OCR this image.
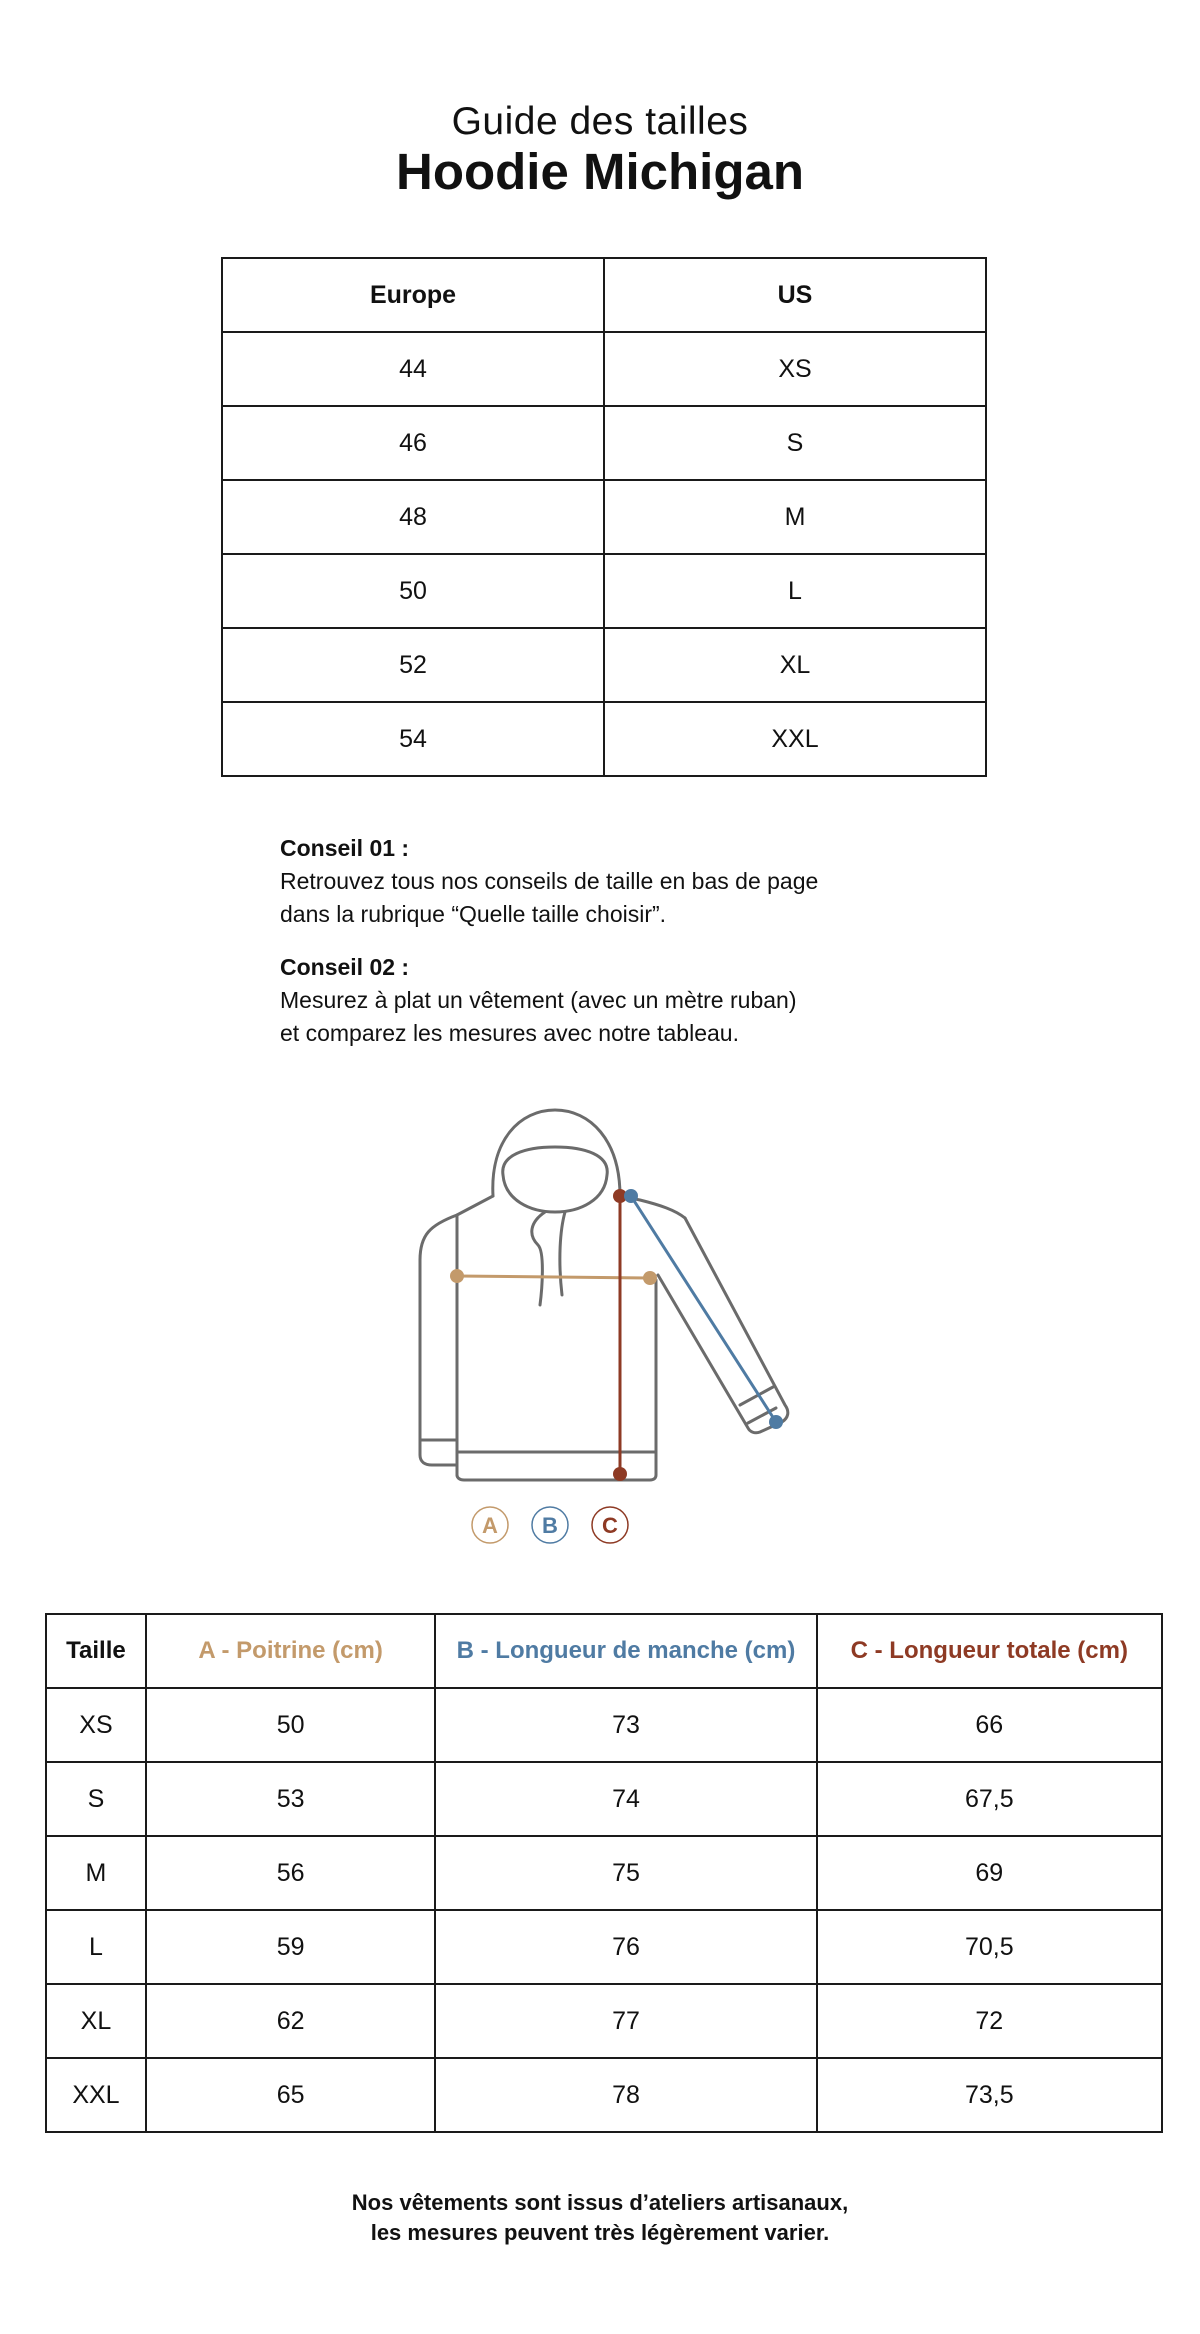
Guide des tailles
Hoodie Michigan
Europe	US
44	XS
46	S
48	M
50	L
52	XL
54	XXL
Conseil 01 :
Retrouvez tous nos conseils de taille en bas de page
dans la rubrique “Quelle taille choisir”.
Conseil 02 :
Mesurez à plat un vêtement (avec un mètre ruban)
et comparez les mesures avec notre tableau.
A B C
Taille	A - Poitrine (cm)	B - Longueur de manche (cm)	C - Longueur totale (cm)
XS	50	73	66
S	53	74	67,5
M	56	75	69
L	59	76	70,5
XL	62	77	72
XXL	65	78	73,5
Nos vêtements sont issus d’ateliers artisanaux,
les mesures peuvent très légèrement varier.
